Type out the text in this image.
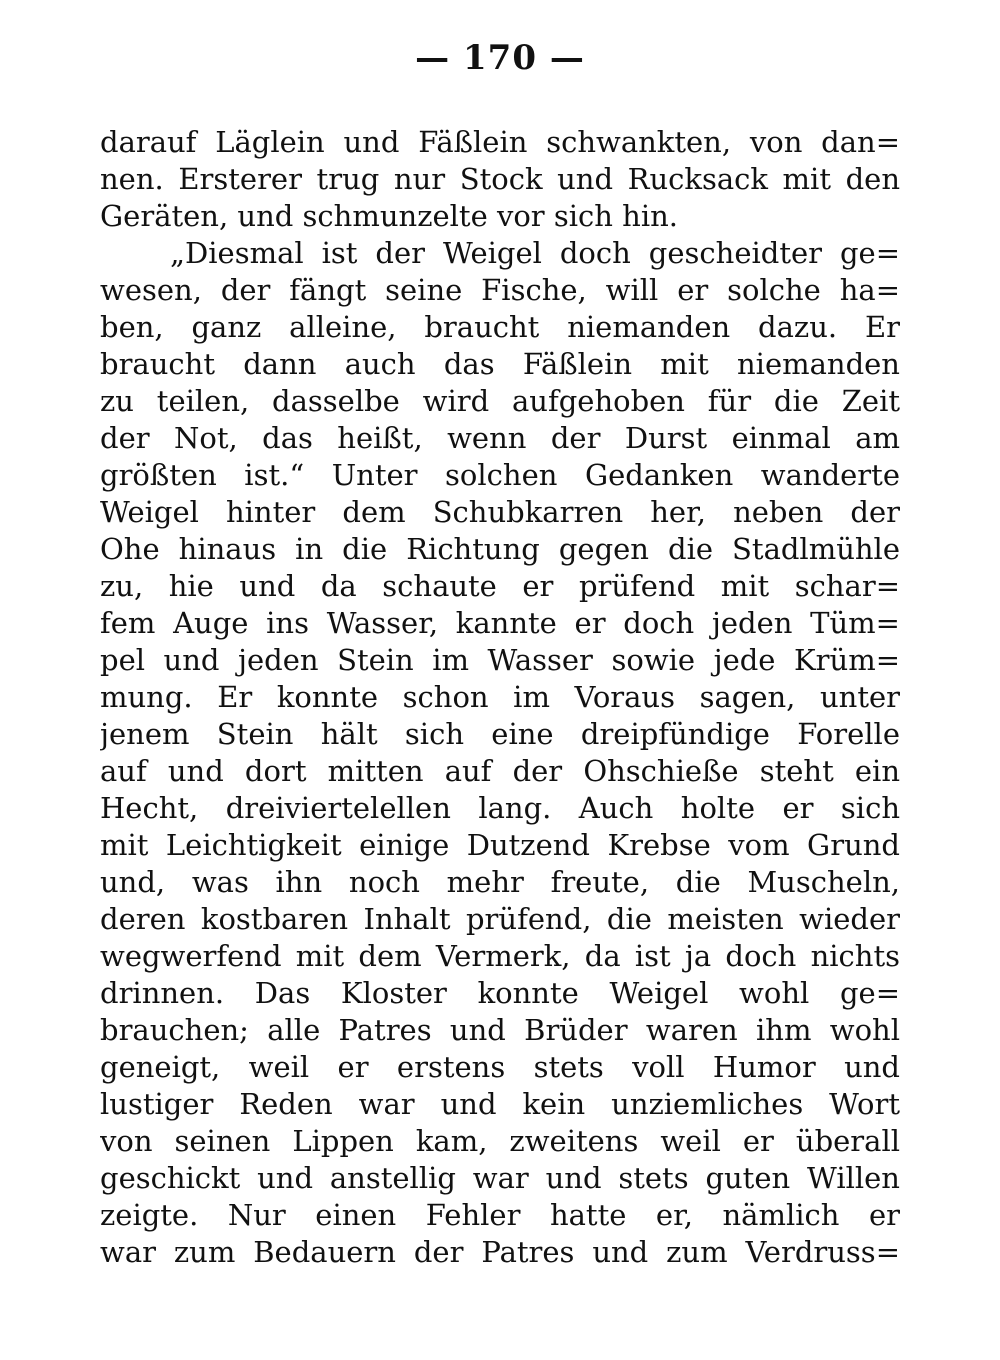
— 170 —
darauf Läglein und Fäßlein schwankten, von dan=
nen. Ersterer trug nur Stock und Rucksack mit den
Geräten, und schmunzelte vor sich hin.
„Diesmal ist der Weigel doch gescheidter ge=
wesen, der fängt seine Fische, will er solche ha=
ben, ganz alleine, braucht niemanden dazu. Er
braucht dann auch das Fäßlein mit niemanden
zu teilen, dasselbe wird aufgehoben für die Zeit
der Not, das heißt, wenn der Durst einmal am
größten ist.“ Unter solchen Gedanken wanderte
Weigel hinter dem Schubkarren her, neben der
Ohe hinaus in die Richtung gegen die Stadlmühle
zu, hie und da schaute er prüfend mit schar=
fem Auge ins Wasser, kannte er doch jeden Tüm=
pel und jeden Stein im Wasser sowie jede Krüm=
mung. Er konnte schon im Voraus sagen, unter
jenem Stein hält sich eine dreipfündige Forelle
auf und dort mitten auf der Ohschieße steht ein
Hecht, dreiviertelellen lang. Auch holte er sich
mit Leichtigkeit einige Dutzend Krebse vom Grund
und, was ihn noch mehr freute, die Muscheln,
deren kostbaren Inhalt prüfend, die meisten wieder
wegwerfend mit dem Vermerk, da ist ja doch nichts
drinnen. Das Kloster konnte Weigel wohl ge=
brauchen; alle Patres und Brüder waren ihm wohl
geneigt, weil er erstens stets voll Humor und
lustiger Reden war und kein unziemliches Wort
von seinen Lippen kam, zweitens weil er überall
geschickt und anstellig war und stets guten Willen
zeigte. Nur einen Fehler hatte er, nämlich er
war zum Bedauern der Patres und zum Verdruss=
